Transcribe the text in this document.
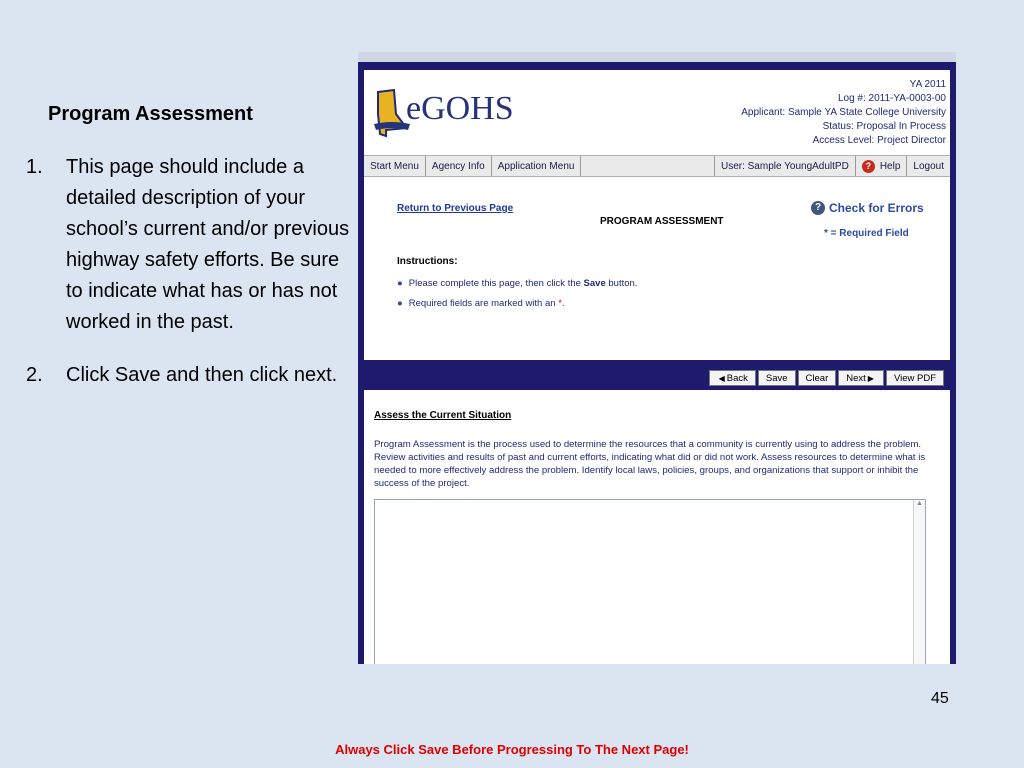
Program Assessment
1.	This page should include a detailed description of your school’s current and/or previous highway safety efforts. Be sure to indicate what has or has not worked in the past.
2.	Click Save and then click next.
eGOHS
YA 2011
Log #: 2011-YA-0003-00
Applicant: Sample YA State College University
Status: Proposal In Process
Access Level: Project Director
Start Menu	Agency Info	Application Menu	User: Sample YoungAdultPD	? Help	Logout
Return to Previous Page
PROGRAM ASSESSMENT
? Check for Errors
* = Required Field
Instructions:
● Please complete this page, then click the Save button.
● Required fields are marked with an *.
◀ Back	Save	Clear	Next ▶	View PDF
Assess the Current Situation

Program Assessment is the process used to determine the resources that a community is currently using to address the problem. Review activities and results of past and current efforts, indicating what did or did not work. Assess resources to determine what is needed to more effectively address the problem. Identify local laws, policies, groups, and organizations that support or inhibit the success of the project.

▲
45
Always Click Save Before Progressing To The Next Page!
